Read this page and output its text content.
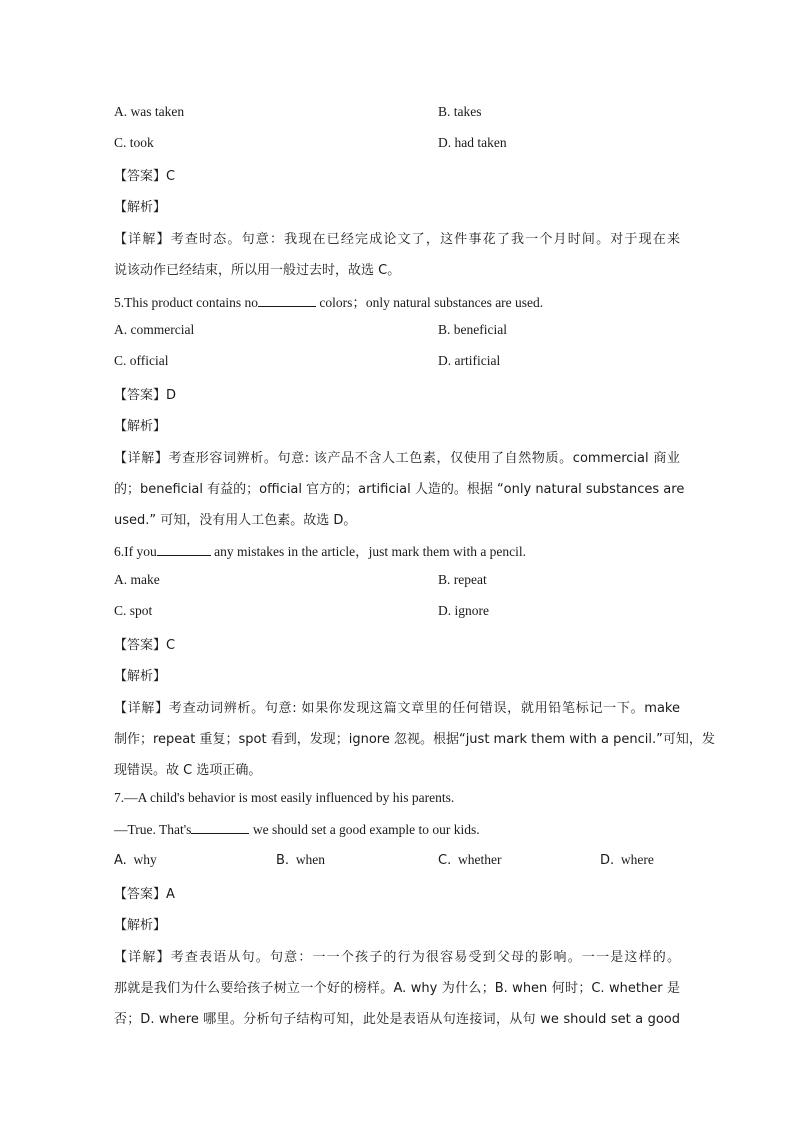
A. was taken	B. takes
C. took	D. had taken
【答案】C
【解析】
【详解】考查时态。句意：我现在已经完成论文了，这件事花了我一个月时间。对于现在来
说该动作已经结束，所以用一般过去时，故选 C。
5.This product contains no	colors；only natural substances are used.
A. commercial	B. beneficial
C. official	D. artificial
【答案】D
【解析】
【详解】考查形容词辨析。句意: 该产品不含人工色素，仅使用了自然物质。commercial 商业
的；beneficial 有益的；official 官方的；artificial 人造的。根据 “only natural substances are
used.” 可知，没有用人工色素。故选 D。
6.If you	any mistakes in the article，just mark them with a pencil.
A. make	B. repeat
C. spot	D. ignore
【答案】C
【解析】
【详解】考查动词辨析。句意: 如果你发现这篇文章里的任何错误，就用铅笔标记一下。make
制作；repeat 重复；spot 看到，发现；ignore 忽视。根据“just mark them with a pencil.”可知，发
现错误。故 C 选项正确。
7.—A child's behavior is most easily influenced by his parents.
—True. That's	we should set a good example to our kids.
A. why	B. when	C. whether	D. where
【答案】A
【解析】
【详解】考查表语从句。句意：一一个孩子的行为很容易受到父母的影响。一一是这样的。
那就是我们为什么要给孩子树立一个好的榜样。A. why 为什么；B. when 何时；C. whether 是
否；D. where 哪里。分析句子结构可知，此处是表语从句连接词，从句 we should set a good
